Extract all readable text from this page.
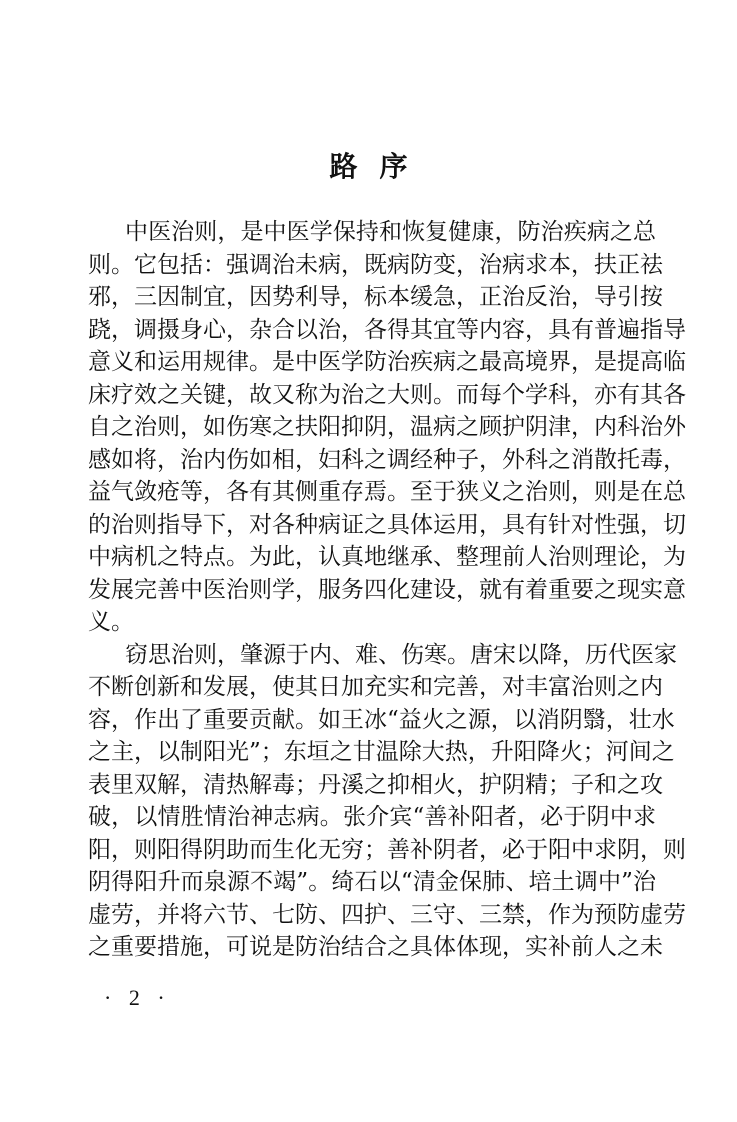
路序
中医治则，是中医学保持和恢复健康，防治疾病之总
则。它包括：强调治未病，既病防变，治病求本，扶正祛
邪，三因制宜，因势利导，标本缓急，正治反治，导引按
跷，调摄身心，杂合以治，各得其宜等内容，具有普遍指导
意义和运用规律。是中医学防治疾病之最高境界，是提高临
床疗效之关键，故又称为治之大则。而每个学科，亦有其各
自之治则，如伤寒之扶阳抑阴，温病之顾护阴津，内科治外
感如将，治内伤如相，妇科之调经种子，外科之消散托毒，
益气敛疮等，各有其侧重存焉。至于狭义之治则，则是在总
的治则指导下，对各种病证之具体运用，具有针对性强，切
中病机之特点。为此，认真地继承、整理前人治则理论，为
发展完善中医治则学，服务四化建设，就有着重要之现实意
义。
窃思治则，肇源于内、难、伤寒。唐宋以降，历代医家
不断创新和发展，使其日加充实和完善，对丰富治则之内
容，作出了重要贡献。如王冰“益火之源，以消阴翳，壮水
之主，以制阳光”；东垣之甘温除大热，升阳降火；河间之
表里双解，清热解毒；丹溪之抑相火，护阴精；子和之攻
破，以情胜情治神志病。张介宾“善补阳者，必于阴中求
阳，则阳得阴助而生化无穷；善补阴者，必于阳中求阴，则
阴得阳升而泉源不竭”。绮石以“清金保肺、培土调中”治
虚劳，并将六节、七防、四护、三守、三禁，作为预防虚劳
之重要措施，可说是防治结合之具体体现，实补前人之未
· 2 ·
